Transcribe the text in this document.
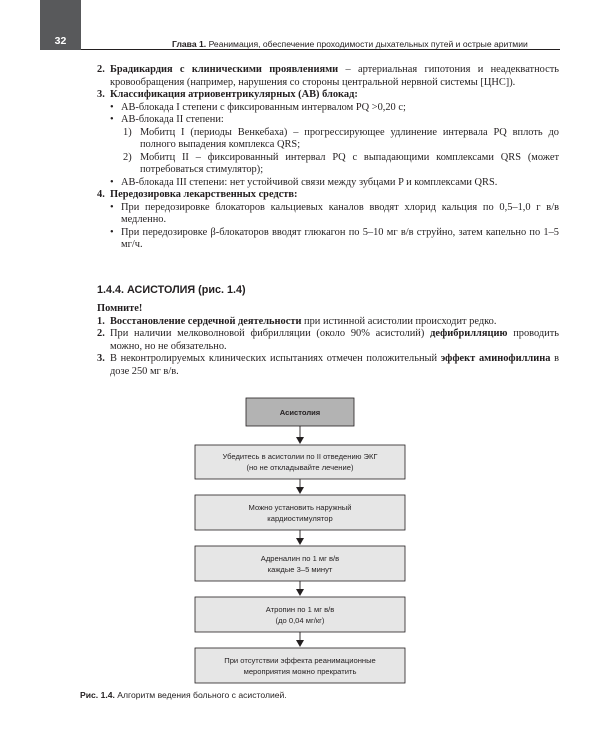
32	Глава 1. Реанимация, обеспечение проходимости дыхательных путей и острые аритмии
2. Брадикардия с клиническими проявлениями – артериальная гипотония и неадекватность кровообращения (например, нарушения со стороны центральной нервной системы [ЦНС]).
3. Классификация атриовентрикулярных (АВ) блокад:
• АВ-блокада I степени с фиксированным интервалом PQ >0,20 с;
• АВ-блокада II степени:
1) Мобитц I (периоды Венкебаха) – прогрессирующее удлинение интервала PQ вплоть до полного выпадения комплекса QRS;
2) Мобитц II – фиксированный интервал PQ с выпадающими комплексами QRS (может потребоваться стимулятор);
• АВ-блокада III степени: нет устойчивой связи между зубцами P и комплексами QRS.
4. Передозировка лекарственных средств:
• При передозировке блокаторов кальциевых каналов вводят хлорид кальция по 0,5–1,0 г в/в медленно.
• При передозировке β-блокаторов вводят глюкагон по 5–10 мг в/в струйно, затем капельно по 1–5 мг/ч.
1.4.4. АСИСТОЛИЯ (рис. 1.4)
Помните!
1. Восстановление сердечной деятельности при истинной асистолии происходит редко.
2. При наличии мелковолновой фибрилляции (около 90% асистолий) дефибрилляцию проводить можно, но не обязательно.
3. В неконтролируемых клинических испытаниях отмечен положительный эффект аминофиллина в дозе 250 мг в/в.
Асистолия
Убедитесь в асистолии по II отведению ЭКГ
(но не откладывайте лечение)
Можно установить наружный
кардиостимулятор
Адреналин по 1 мг в/в
каждые 3–5 минут
Атропин по 1 мг в/в
(до 0,04 мг/кг)
При отсутствии эффекта реанимационные
мероприятия можно прекратить
Рис. 1.4. Алгоритм ведения больного с асистолией.
